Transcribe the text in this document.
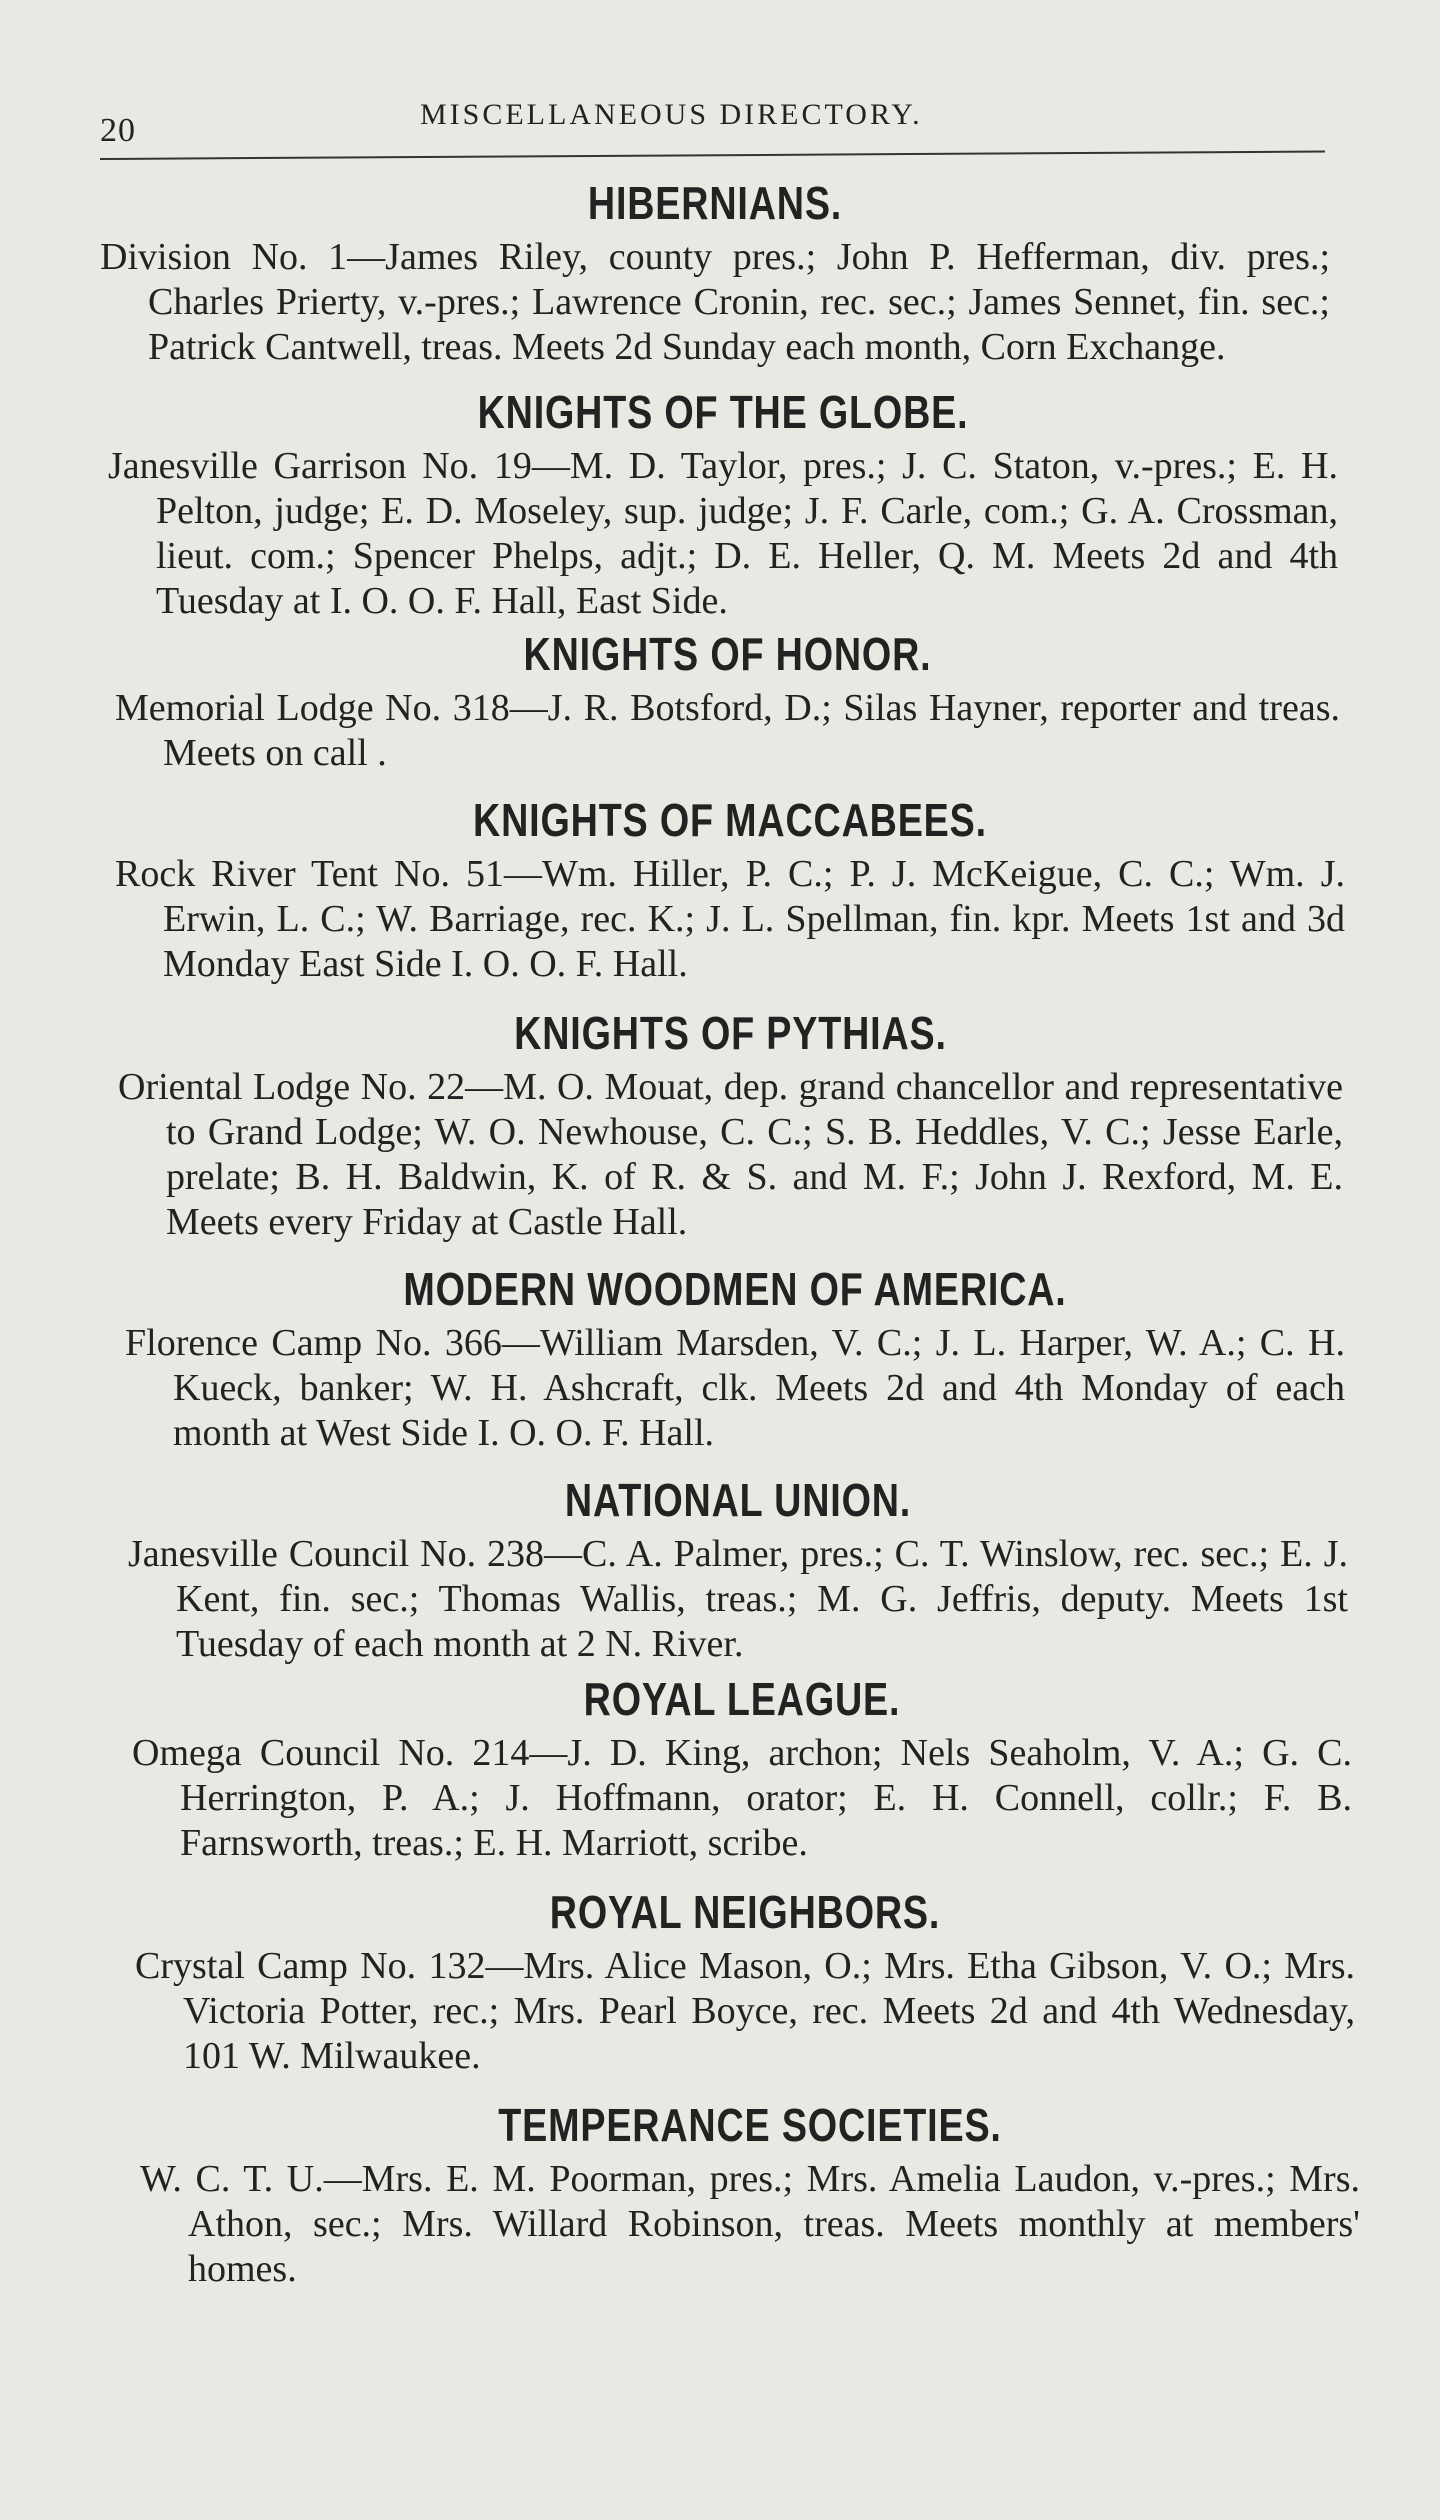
20	MISCELLANEOUS DIRECTORY.
HIBERNIANS.

Division No. 1—James Riley, county pres.; John P. Hefferman, div. pres.; Charles Prierty, v.-pres.; Lawrence Cronin, rec. sec.; James Sennet, fin. sec.; Patrick Cantwell, treas. Meets 2d Sunday each month, Corn Exchange.

KNIGHTS OF THE GLOBE.

Janesville Garrison No. 19—M. D. Taylor, pres.; J. C. Staton, v.-pres.; E. H. Pelton, judge; E. D. Moseley, sup. judge; J. F. Carle, com.; G. A. Crossman, lieut. com.; Spencer Phelps, adjt.; D. E. Heller, Q. M. Meets 2d and 4th Tuesday at I. O. O. F. Hall, East Side.

KNIGHTS OF HONOR.

Memorial Lodge No. 318—J. R. Botsford, D.; Silas Hayner, reporter and treas. Meets on call .

KNIGHTS OF MACCABEES.

Rock River Tent No. 51—Wm. Hiller, P. C.; P. J. McKeigue, C. C.; Wm. J. Erwin, L. C.; W. Barriage, rec. K.; J. L. Spellman, fin. kpr. Meets 1st and 3d Monday East Side I. O. O. F. Hall.

KNIGHTS OF PYTHIAS.

Oriental Lodge No. 22—M. O. Mouat, dep. grand chancellor and representative to Grand Lodge; W. O. Newhouse, C. C.; S. B. Heddles, V. C.; Jesse Earle, prelate; B. H. Baldwin, K. of R. & S. and M. F.; John J. Rexford, M. E. Meets every Friday at Castle Hall.

MODERN WOODMEN OF AMERICA.

Florence Camp No. 366—William Marsden, V. C.; J. L. Harper, W. A.; C. H. Kueck, banker; W. H. Ashcraft, clk. Meets 2d and 4th Monday of each month at West Side I. O. O. F. Hall.

NATIONAL UNION.

Janesville Council No. 238—C. A. Palmer, pres.; C. T. Winslow, rec. sec.; E. J. Kent, fin. sec.; Thomas Wallis, treas.; M. G. Jeffris, deputy. Meets 1st Tuesday of each month at 2 N. River.

ROYAL LEAGUE.

Omega Council No. 214—J. D. King, archon; Nels Seaholm, V. A.; G. C. Herrington, P. A.; J. Hoffmann, orator; E. H. Connell, collr.; F. B. Farnsworth, treas.; E. H. Marriott, scribe.

ROYAL NEIGHBORS.

Crystal Camp No. 132—Mrs. Alice Mason, O.; Mrs. Etha Gibson, V. O.; Mrs. Victoria Potter, rec.; Mrs. Pearl Boyce, rec. Meets 2d and 4th Wednesday, 101 W. Milwaukee.

TEMPERANCE SOCIETIES.

W. C. T. U.—Mrs. E. M. Poorman, pres.; Mrs. Amelia Laudon, v.-pres.; Mrs. Athon, sec.; Mrs. Willard Robinson, treas. Meets monthly at members' homes.
